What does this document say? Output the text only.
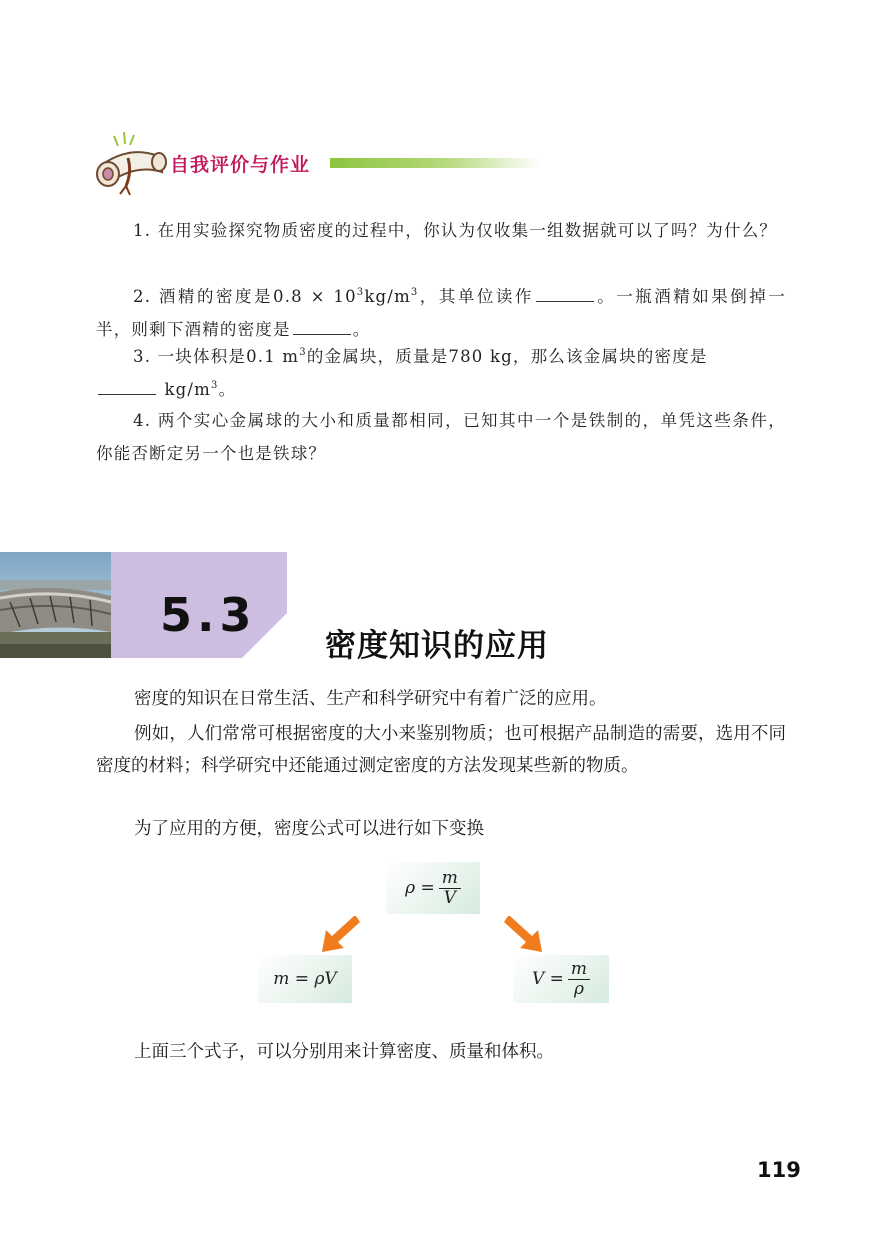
自我评价与作业
1. 在用实验探究物质密度的过程中，你认为仅收集一组数据就可以了吗？为什么？
2. 酒精的密度是$0.8 \times 10^3kg/m^3$，其单位读作	。一瓶酒精如果倒掉一半，则剩下酒精的密度是	。
3. 一块体积是0.1 $m^3$的金属块，质量是780 kg，那么该金属块的密度是
$kg/m^3$。
4. 两个实心金属球的大小和质量都相同，已知其中一个是铁制的，单凭这些条件，你能否断定另一个也是铁球？
5.3
密度知识的应用
密度的知识在日常生活、生产和科学研究中有着广泛的应用。
例如，人们常常可根据密度的大小来鉴别物质；也可根据产品制造的需要，选用不同密度的材料；科学研究中还能通过测定密度的方法发现某些新的物质。
为了应用的方便，密度公式可以进行如下变换
$\rho = \frac{m}{V}$
m = ρV	$V = \frac{m}{\rho}$
上面三个式子，可以分别用来计算密度、质量和体积。
119
